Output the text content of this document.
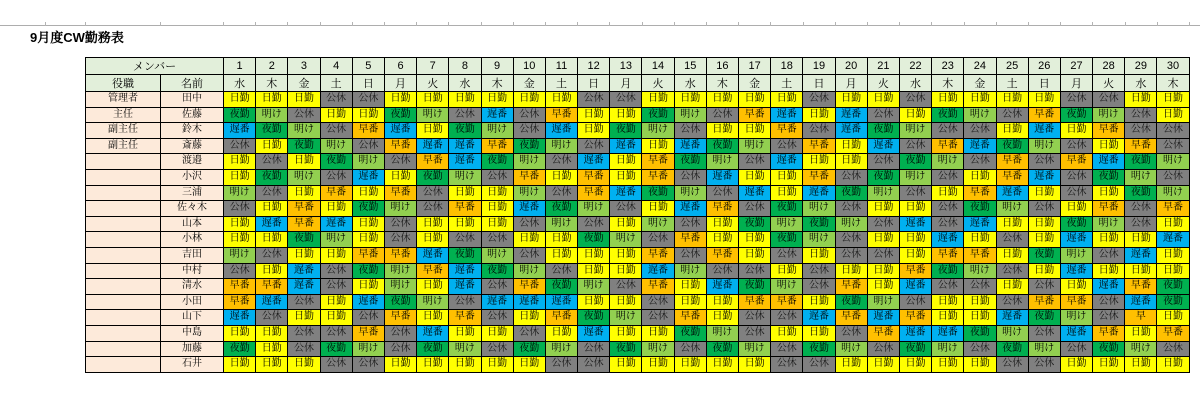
9月度CW勤務表
メンバー		1	2	3	4	5	6	7	8	9	10	11	12	13	14	15	16	17	18	19	20	21	22	23	24	25	26	27	28	29	30
役職	名前	水	木	金	土	日	月	火	水	木	金	土	日	月	火	水	木	金	土	日	月	火	水	木	金	土	日	月	火	水	木
管理者	田中	日勤	日勤	日勤	公休	公休	日勤	日勤	日勤	日勤	日勤	日勤	公休	公休	日勤	日勤	日勤	日勤	日勤	公休	日勤	日勤	公休	日勤	日勤	日勤	日勤	公休	公休	日勤	日勤
主任	佐藤	夜勤	明け	公休	日勤	日勤	夜勤	明け	公休	遅番	公休	早番	日勤	日勤	夜勤	明け	公休	早番	遅番	日勤	遅番	公休	日勤	夜勤	明け	公休	早番	夜勤	明け	公休	日勤
副主任	鈴木	遅番	夜勤	明け	公休	早番	遅番	日勤	夜勤	明け	公休	遅番	日勤	夜勤	明け	公休	日勤	日勤	早番	公休	遅番	夜勤	明け	公休	公休	日勤	遅番	日勤	早番	公休	公休
副主任	斎藤	公休	日勤	夜勤	明け	公休	早番	遅番	遅番	早番	夜勤	明け	公休	遅番	日勤	遅番	夜勤	明け	公休	早番	日勤	遅番	公休	早番	遅番	夜勤	明け	公休	日勤	早番	公休
	渡邉	日勤	公休	日勤	夜勤	明け	公休	早番	遅番	夜勤	明け	公休	遅番	日勤	早番	夜勤	明け	公休	遅番	日勤	日勤	公休	夜勤	明け	公休	早番	公休	早番	遅番	夜勤	明け
	小沢	日勤	夜勤	明け	公休	遅番	日勤	夜勤	明け	公休	早番	日勤	早番	日勤	早番	公休	遅番	日勤	日勤	早番	公休	夜勤	明け	公休	日勤	早番	遅番	公休	夜勤	明け	公休
	三浦	明け	公休	日勤	早番	日勤	早番	公休	日勤	日勤	明け	公休	早番	遅番	夜勤	明け	公休	遅番	日勤	遅番	夜勤	明け	公休	日勤	早番	遅番	日勤	公休	日勤	夜勤	明け
	佐々木	公休	日勤	早番	日勤	夜勤	明け	公休	早番	日勤	遅番	夜勤	明け	公休	日勤	遅番	早番	公休	夜勤	明け	公休	日勤	日勤	公休	夜勤	明け	公休	日勤	早番	公休	早番
	山本	日勤	遅番	早番	遅番	日勤	公休	日勤	日勤	日勤	公休	明け	公休	日勤	明け	公休	日勤	夜勤	明け	夜勤	明け	公休	遅番	公休	遅番	日勤	日勤	夜勤	明け	公休	日勤
	小林	日勤	日勤	夜勤	明け	日勤	公休	日勤	公休	公休	日勤	日勤	夜勤	明け	公休	早番	日勤	日勤	夜勤	明け	公休	日勤	日勤	遅番	日勤	公休	日勤	遅番	日勤	日勤	遅番
	吉田	明け	公休	日勤	日勤	早番	早番	遅番	夜勤	明け	公休	日勤	日勤	日勤	早番	公休	早番	日勤	公休	日勤	公休	公休	日勤	早番	早番	日勤	夜勤	明け	公休	遅番	日勤
	中村	公休	日勤	遅番	公休	夜勤	明け	早番	遅番	夜勤	明け	公休	日勤	日勤	遅番	明け	公休	公休	日勤	公休	日勤	日勤	早番	夜勤	明け	公休	日勤	遅番	日勤	日勤	日勤
	清水	早番	早番	遅番	公休	日勤	明け	日勤	遅番	公休	早番	夜勤	明け	公休	早番	日勤	遅番	夜勤	明け	公休	早番	日勤	遅番	公休	公休	日勤	公休	日勤	遅番	早番	夜勤
	小田	早番	遅番	公休	日勤	遅番	夜勤	明け	公休	遅番	遅番	遅番	日勤	日勤	公休	日勤	日勤	早番	早番	日勤	夜勤	明け	公休	日勤	日勤	公休	早番	早番	公休	遅番	夜勤
	山下	遅番	公休	日勤	日勤	公休	早番	日勤	早番	公休	日勤	早番	夜勤	明け	公休	早番	日勤	公休	公休	遅番	早番	遅番	早番	日勤	日勤	遅番	夜勤	明け	公休	早	日勤
	中島	日勤	日勤	公休	公休	早番	公休	遅番	日勤	日勤	公休	日勤	遅番	日勤	日勤	夜勤	明け	公休	日勤	日勤	公休	早番	遅番	遅番	夜勤	明け	公休	遅番	早番	日勤	早番
	加藤	夜勤	日勤	公休	夜勤	明け	公休	夜勤	明け	公休	夜勤	明け	公休	夜勤	明け	公休	夜勤	明け	公休	夜勤	明け	公休	夜勤	明け	公休	夜勤	明け	公休	夜勤	明け	公休
	石井	日勤	日勤	日勤	公休	公休	日勤	日勤	日勤	日勤	日勤	公休	公休	日勤	日勤	日勤	日勤	日勤	公休	公休	日勤	日勤	日勤	日勤	日勤	公休	公休	日勤	日勤	日勤	日勤
